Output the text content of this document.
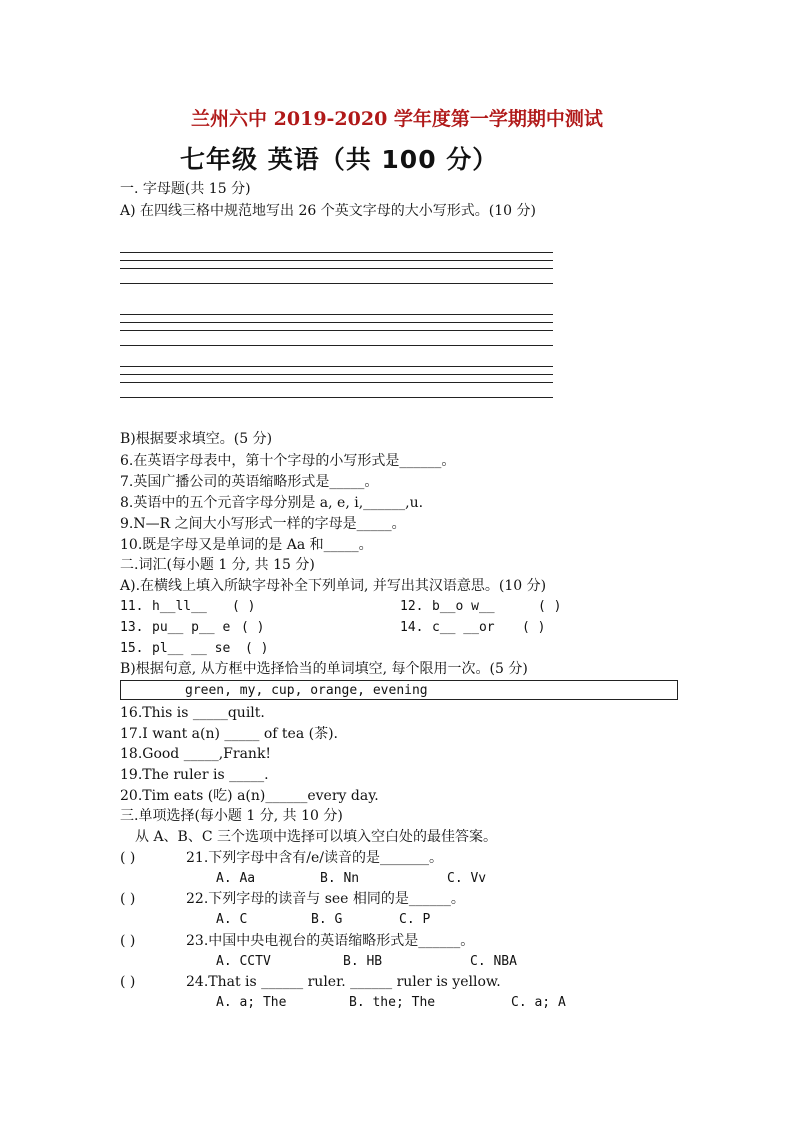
兰州六中 2019-2020 学年度第一学期期中测试
七年级 英语（共 100 分）
一. 字母题(共 15 分)
A) 在四线三格中规范地写出 26 个英文字母的大小写形式。(10 分)
B)根据要求填空。(5 分)
6.在英语字母表中，第十个字母的小写形式是______。
7.英国广播公司的英语缩略形式是_____。
8.英语中的五个元音字母分别是 a, e, i,______,u.
9.N—R 之间大小写形式一样的字母是_____。
10.既是字母又是单词的是 Aa 和_____。
二.词汇(每小题 1 分, 共 15 分)
A).在横线上填入所缺字母补全下列单词, 并写出其汉语意思。(10 分)
11. h__ll__ ( )	12. b__o w__	( )
13. pu__ p__ e ( )	14. c__ __or ( )
15. pl__ __ se ( )
B)根据句意, 从方框中选择恰当的单词填空, 每个限用一次。(5 分)
green, my, cup, orange, evening
16.This is _____quilt.
17.I want a(n) _____ of tea (茶).
18.Good _____,Frank!
19.The ruler is _____.
20.Tim eats (吃) a(n)______every day.
三.单项选择(每小题 1 分, 共 10 分)
从 A、B、C 三个选项中选择可以填入空白处的最佳答案。
( )	21.下列字母中含有/e/读音的是_______。
A. Aa	B. Nn	C. Vv
( )	22.下列字母的读音与 see 相同的是______。
A. C	B. G	C. P
( )	23.中国中央电视台的英语缩略形式是______。
A. CCTV	B. HB	C. NBA
( )	24.That is ______ ruler. ______ ruler is yellow.
A. a; The	B. the; The	C. a; A
